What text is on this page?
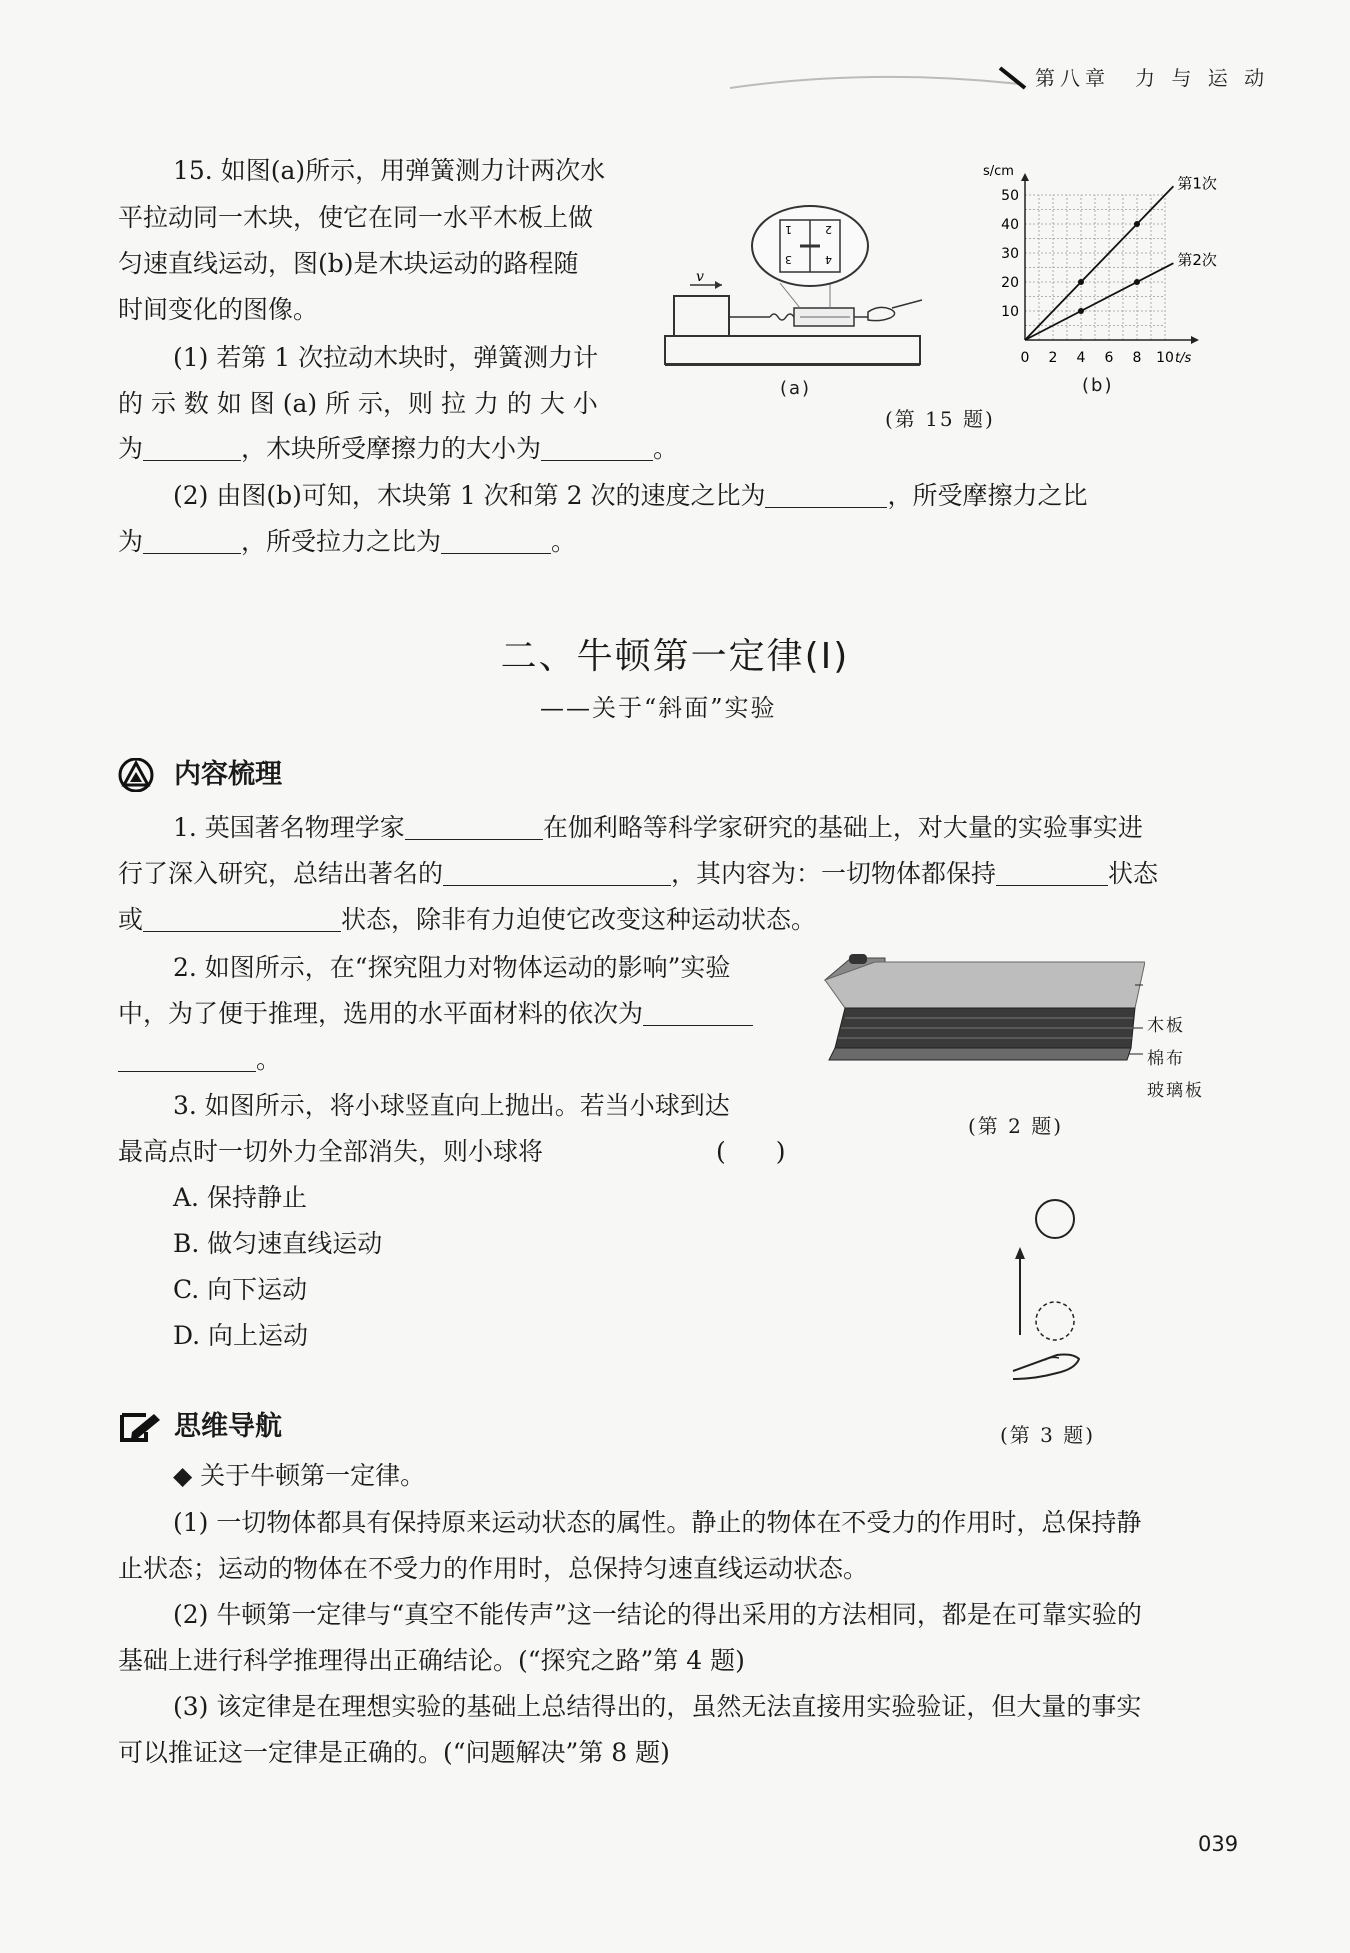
第八章　力 与 运 动
15. 如图(a)所示，用弹簧测力计两次水
平拉动同一木块，使它在同一水平木板上做
匀速直线运动，图(b)是木块运动的路程随
时间变化的图像。
(1) 若第 1 次拉动木块时，弹簧测力计
的 示 数 如 图 (a) 所 示，则 拉 力 的 大 小
为	，木块所受摩擦力的大小为	。
(2) 由图(b)可知，木块第 1 次和第 2 次的速度之比为	，所受摩擦力之比
为	，所受拉力之比为	。
v
1	2
3	4
(a)
s/cm
t/s
0 2 4 6 8 10
10
20
30
40
50
第1次
第2次
(b)
(第 15 题)
二、牛顿第一定律(Ⅰ)
——关于“斜面”实验
内容梳理
1. 英国著名物理学家	在伽利略等科学家研究的基础上，对大量的实验事实进
行了深入研究，总结出著名的	，其内容为：一切物体都保持	状态
或	状态，除非有力迫使它改变这种运动状态。
2. 如图所示，在“探究阻力对物体运动的影响”实验
中，为了便于推理，选用的水平面材料的依次为
。
木板
棉布
玻璃板
(第 2 题)
3. 如图所示，将小球竖直向上抛出。若当小球到达
最高点时一切外力全部消失，则小球将	(　　)
A. 保持静止
B. 做匀速直线运动
C. 向下运动
D. 向上运动
(第 3 题)
思维导航
◆ 关于牛顿第一定律。
(1) 一切物体都具有保持原来运动状态的属性。静止的物体在不受力的作用时，总保持静
止状态；运动的物体在不受力的作用时，总保持匀速直线运动状态。
(2) 牛顿第一定律与“真空不能传声”这一结论的得出采用的方法相同，都是在可靠实验的
基础上进行科学推理得出正确结论。(“探究之路”第 4 题)
(3) 该定律是在理想实验的基础上总结得出的，虽然无法直接用实验验证，但大量的事实
可以推证这一定律是正确的。(“问题解决”第 8 题)
039
